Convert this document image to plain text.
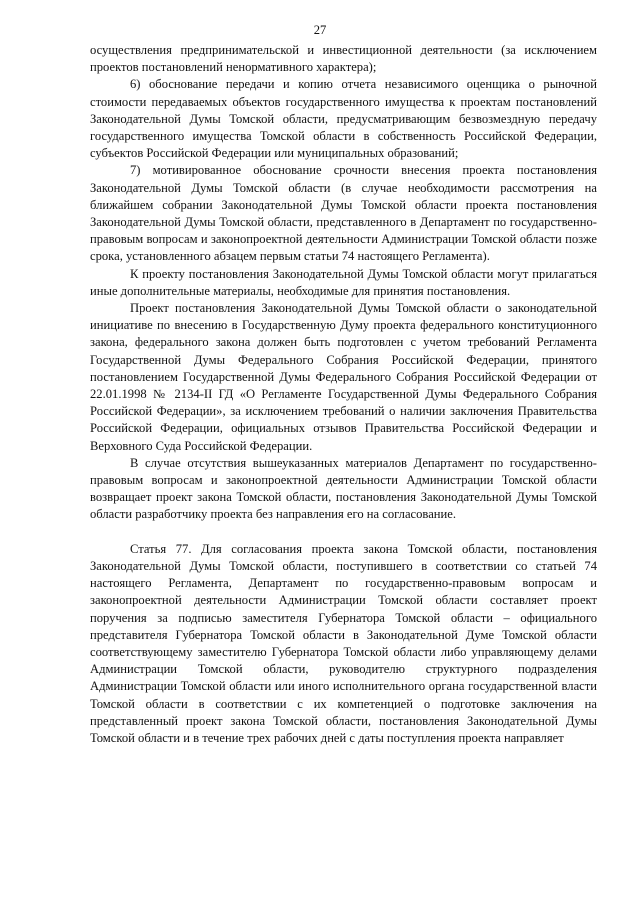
27

осуществления предпринимательской и инвестиционной деятельности (за исключением проектов постановлений ненормативного характера);

6) обоснование передачи и копию отчета независимого оценщика о рыночной стоимости передаваемых объектов государственного имущества к проектам постановлений Законодательной Думы Томской области, предусматривающим безвозмездную передачу государственного имущества Томской области в собственность Российской Федерации, субъектов Российской Федерации или муниципальных образований;

7) мотивированное обоснование срочности внесения проекта постановления Законодательной Думы Томской области (в случае необходимости рассмотрения на ближайшем собрании Законодательной Думы Томской области проекта постановления Законодательной Думы Томской области, представленного в Департамент по государственно-правовым вопросам и законопроектной деятельности Администрации Томской области позже срока, установленного абзацем первым статьи 74 настоящего Регламента).

К проекту постановления Законодательной Думы Томской области могут прилагаться иные дополнительные материалы, необходимые для принятия постановления.

Проект постановления Законодательной Думы Томской области о законодательной инициативе по внесению в Государственную Думу проекта федерального конституционного закона, федерального закона должен быть подготовлен с учетом требований Регламента Государственной Думы Федерального Собрания Российской Федерации, принятого постановлением Государственной Думы Федерального Собрания Российской Федерации от 22.01.1998 № 2134-II ГД «О Регламенте Государственной Думы Федерального Собрания Российской Федерации», за исключением требований о наличии заключения Правительства Российской Федерации, официальных отзывов Правительства Российской Федерации и Верховного Суда Российской Федерации.

В случае отсутствия вышеуказанных материалов Департамент по государственно-правовым вопросам и законопроектной деятельности Администрации Томской области возвращает проект закона Томской области, постановления Законодательной Думы Томской области разработчику проекта без направления его на согласование.

Статья 77. Для согласования проекта закона Томской области, постановления Законодательной Думы Томской области, поступившего в соответствии со статьей 74 настоящего Регламента, Департамент по государственно-правовым вопросам и законопроектной деятельности Администрации Томской области составляет проект поручения за подписью заместителя Губернатора Томской области – официального представителя Губернатора Томской области в Законодательной Думе Томской области соответствующему заместителю Губернатора Томской области либо управляющему делами Администрации Томской области, руководителю структурного подразделения Администрации Томской области или иного исполнительного органа государственной власти Томской области в соответствии с их компетенцией о подготовке заключения на представленный проект закона Томской области, постановления Законодательной Думы Томской области и в течение трех рабочих дней с даты поступления проекта направляет
